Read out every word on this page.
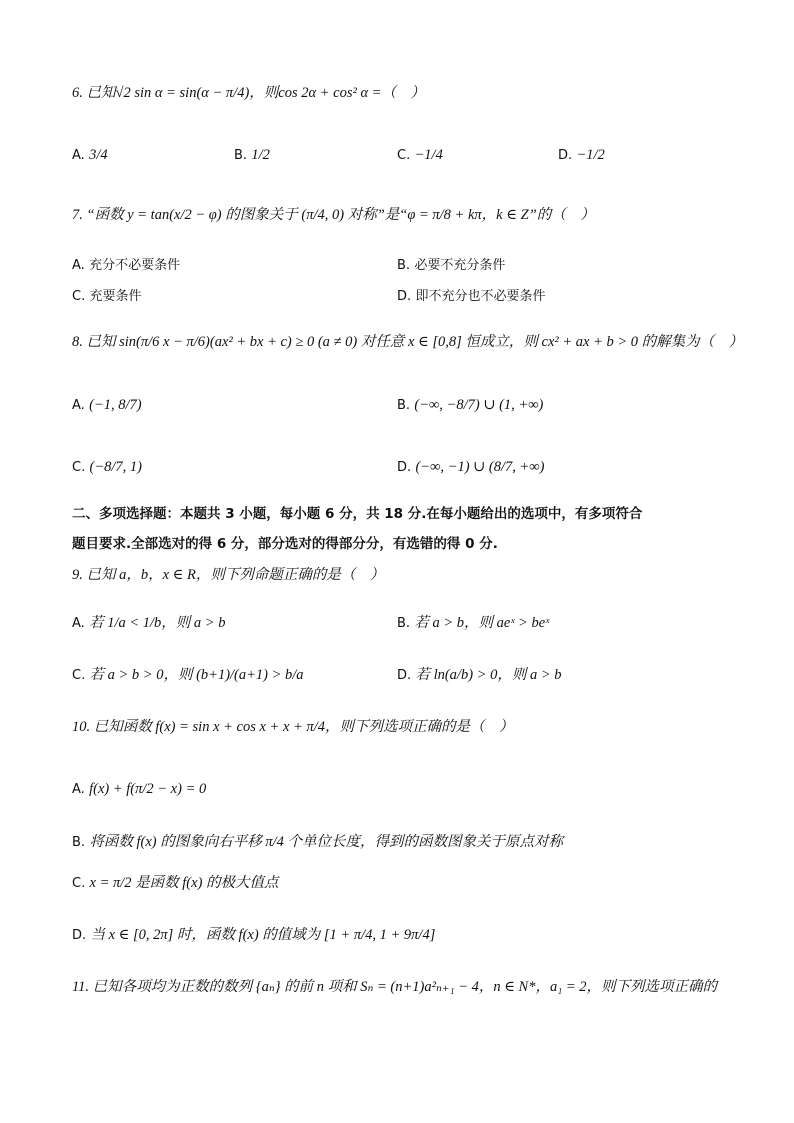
6. 已知√2 sin α = sin(α − π/4)，则cos 2α + cos² α =（　）
A. 3/4	B. 1/2	C. −1/4	D. −1/2
7. “函数 y = tan(x/2 − φ) 的图象关于 (π/4, 0) 对称”是“φ = π/8 + kπ，k ∈ Z”的（　）
A. 充分不必要条件	B. 必要不充分条件
C. 充要条件	D. 即不充分也不必要条件
8. 已知 sin(π/6 x − π/6)(ax² + bx + c) ≥ 0 (a ≠ 0) 对任意 x ∈ [0,8] 恒成立，则 cx² + ax + b > 0 的解集为（　）
A. (−1, 8/7)	B. (−∞, −8/7) ∪ (1, +∞)
C. (−8/7, 1)	D. (−∞, −1) ∪ (8/7, +∞)
二、多项选择题：本题共 3 小题，每小题 6 分，共 18 分.在每小题给出的选项中，有多项符合
题目要求.全部选对的得 6 分，部分选对的得部分分，有选错的得 0 分.
9. 已知 a，b，x ∈ R，则下列命题正确的是（　）
A. 若 1/a < 1/b，则 a > b	B. 若 a > b，则 aeˣ > beˣ
C. 若 a > b > 0，则 (b+1)/(a+1) > b/a	D. 若 ln(a/b) > 0，则 a > b
10. 已知函数 f(x) = sin x + cos x + x + π/4，则下列选项正确的是（　）
A. f(x) + f(π/2 − x) = 0
B. 将函数 f(x) 的图象向右平移 π/4 个单位长度，得到的函数图象关于原点对称
C. x = π/2 是函数 f(x) 的极大值点
D. 当 x ∈ [0, 2π] 时，函数 f(x) 的值域为 [1 + π/4, 1 + 9π/4]
11. 已知各项均为正数的数列 {aₙ} 的前 n 项和 Sₙ = (n+1)a²ₙ₊₁ − 4，n ∈ N*，a₁ = 2，则下列选项正确的
